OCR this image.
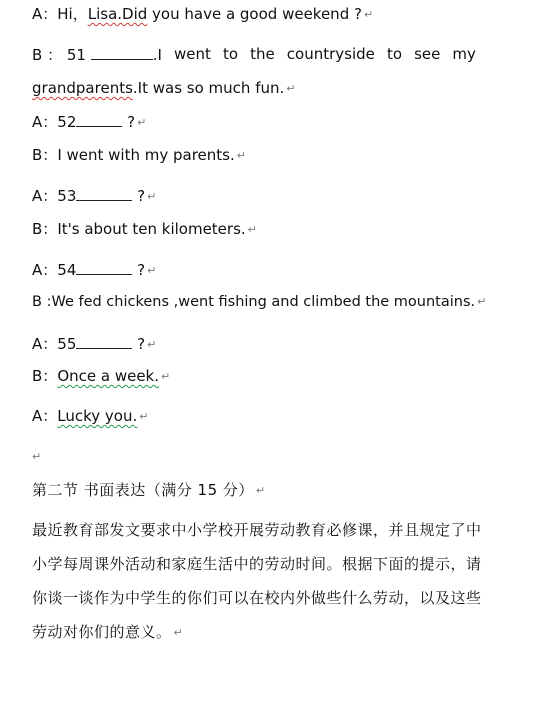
A：Hi，Lisa.Did you have a good weekend ? ↵
B ： 51	.I went to the countryside to see my
grandparents.It was so much fun. ↵
A：52	? ↵
B：I went with my parents. ↵
A：53	? ↵
B：It's about ten kilometers. ↵
A：54	? ↵
B :We fed chickens ,went fishing and climbed the mountains. ↵
A：55	? ↵
B：Once a week. ↵
A：Lucky you. ↵
↵
第二节 书面表达（满分 15 分） ↵
最近教育部发文要求中小学校开展劳动教育必修课，并且规定了中
小学每周课外活动和家庭生活中的劳动时间。根据下面的提示，请
你谈一谈作为中学生的你们可以在校内外做些什么劳动，以及这些
劳动对你们的意义。 ↵
